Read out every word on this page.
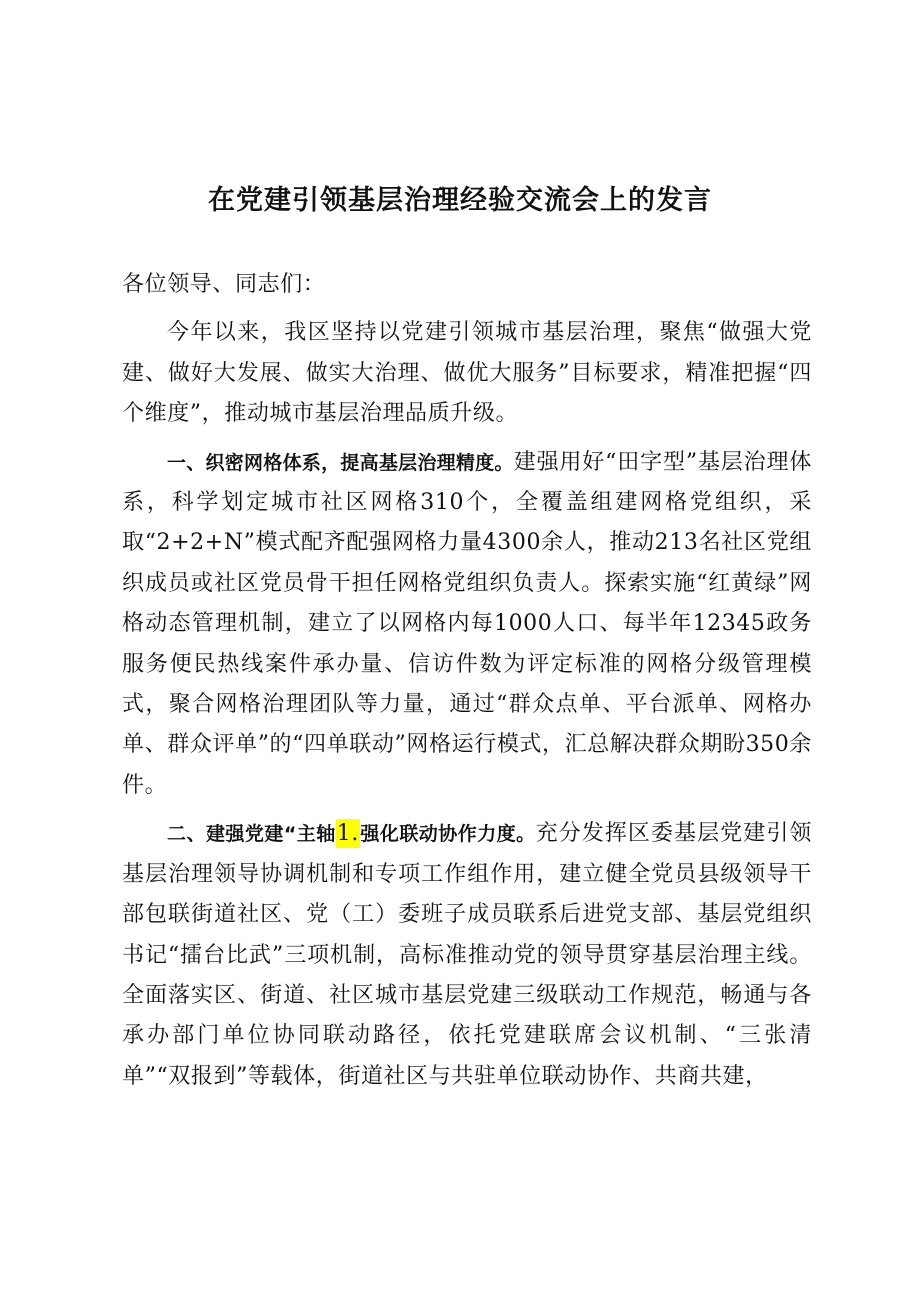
在党建引领基层治理经验交流会上的发言

各位领导、同志们：

今年以来，我区坚持以党建引领城市基层治理，聚焦“做强大党建、做好大发展、做实大治理、做优大服务”目标要求，精准把握“四个维度”，推动城市基层治理品质升级。

一、织密网格体系，提高基层治理精度。建强用好“田字型”基层治理体系，科学划定城市社区网格310个，全覆盖组建网格党组织，采取“2+2+N”模式配齐配强网格力量4300余人，推动213名社区党组织成员或社区党员骨干担任网格党组织负责人。探索实施“红黄绿”网格动态管理机制，建立了以网格内每1000人口、每半年12345政务服务便民热线案件承办量、信访件数为评定标准的网格分级管理模式，聚合网格治理团队等力量，通过“群众点单、平台派单、网格办单、群众评单”的“四单联动”网格运行模式，汇总解决群众期盼350余件。

二、建强党建“主轴1.强化联动协作力度。充分发挥区委基层党建引领基层治理领导协调机制和专项工作组作用，建立健全党员县级领导干部包联街道社区、党（工）委班子成员联系后进党支部、基层党组织书记“擂台比武”三项机制，高标准推动党的领导贯穿基层治理主线。全面落实区、街道、社区城市基层党建三级联动工作规范，畅通与各承办部门单位协同联动路径，依托党建联席会议机制、“三张清单”“双报到”等载体，街道社区与共驻单位联动协作、共商共建，
